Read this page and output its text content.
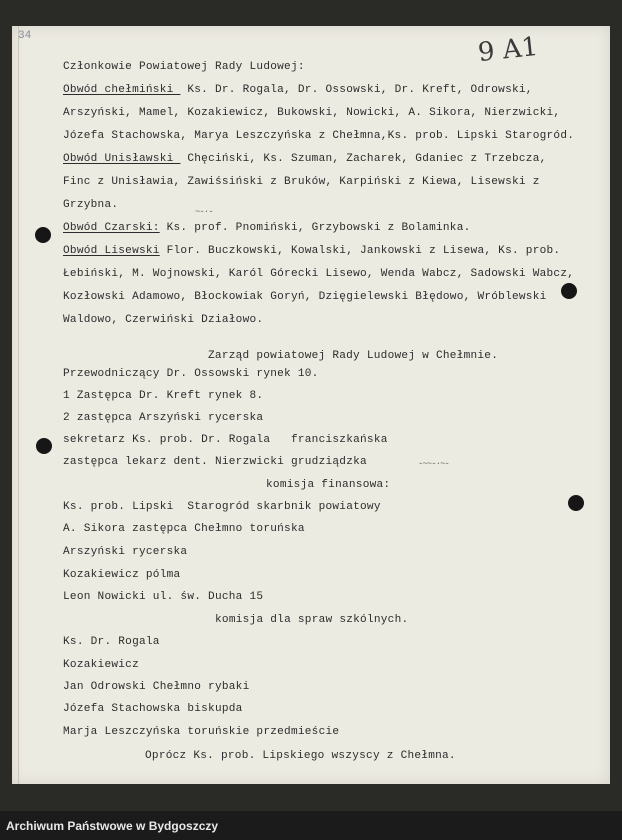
34	9 A1

Członkowie Powiatowej Rady Ludowej:

Obwód chełmiński  Ks. Dr. Rogala, Dr. Ossowski, Dr. Kreft, Odrowski,

Arszyński, Mamel, Kozakiewicz, Bukowski, Nowicki, A. Sikora, Nierzwicki,

Józefa Stachowska, Marya Leszczyńska z Chełmna,Ks. prob. Lipski Starogród.

Obwód Unisławski  Chęciński, Ks. Szuman, Zacharek, Gdaniec z Trzebcza,

Finc z Unisławia, Zawiśsiński z Bruków, Karpiński z Kiewa, Lisewski z

Grzybna.

Obwód Czarski: Ks. prof. Pnomiński, Grzybowski z Bolaminka.

Obwód Lisewski Flor. Buczkowski, Kowalski, Jankowski z Lisewa, Ks. prob.

Łebiński, M. Wojnowski, Karól Górecki Lisewo, Wenda Wabcz, Sadowski Wabcz,

Kozłowski Adamowo, Błockowiak Goryń, Dzięgielewski Błędowo, Wróblewski

Waldowo, Czerwiński Działowo.

Zarząd powiatowej Rady Ludowej w Chełmnie.

Przewodniczący Dr. Ossowski rynek 10.

1 Zastępca Dr. Kreft rynek 8.

2 zastępca Arszyński rycerska

sekretarz Ks. prob. Dr. Rogala   franciszkańska

zastępca lekarz dent. Nierzwicki grudziądzka

komisja finansowa:

Ks. prob. Lipski  Starogród skarbnik powiatowy

A. Sikora zastępca Chełmno toruńska

Arszyński rycerska

Kozakiewicz pólma

Leon Nowicki ul. św. Ducha 15

komisja dla spraw szkólnych.

Ks. Dr. Rogala

Kozakiewicz

Jan Odrowski Chełmno rybaki

Józefa Stachowska biskupda

Marja Leszczyńska toruńskie przedmieście

Oprócz Ks. prob. Lipskiego wszyscy z Chełmna.

~-·-
-~~-·~-
Archiwum Państwowe w Bydgoszczy
